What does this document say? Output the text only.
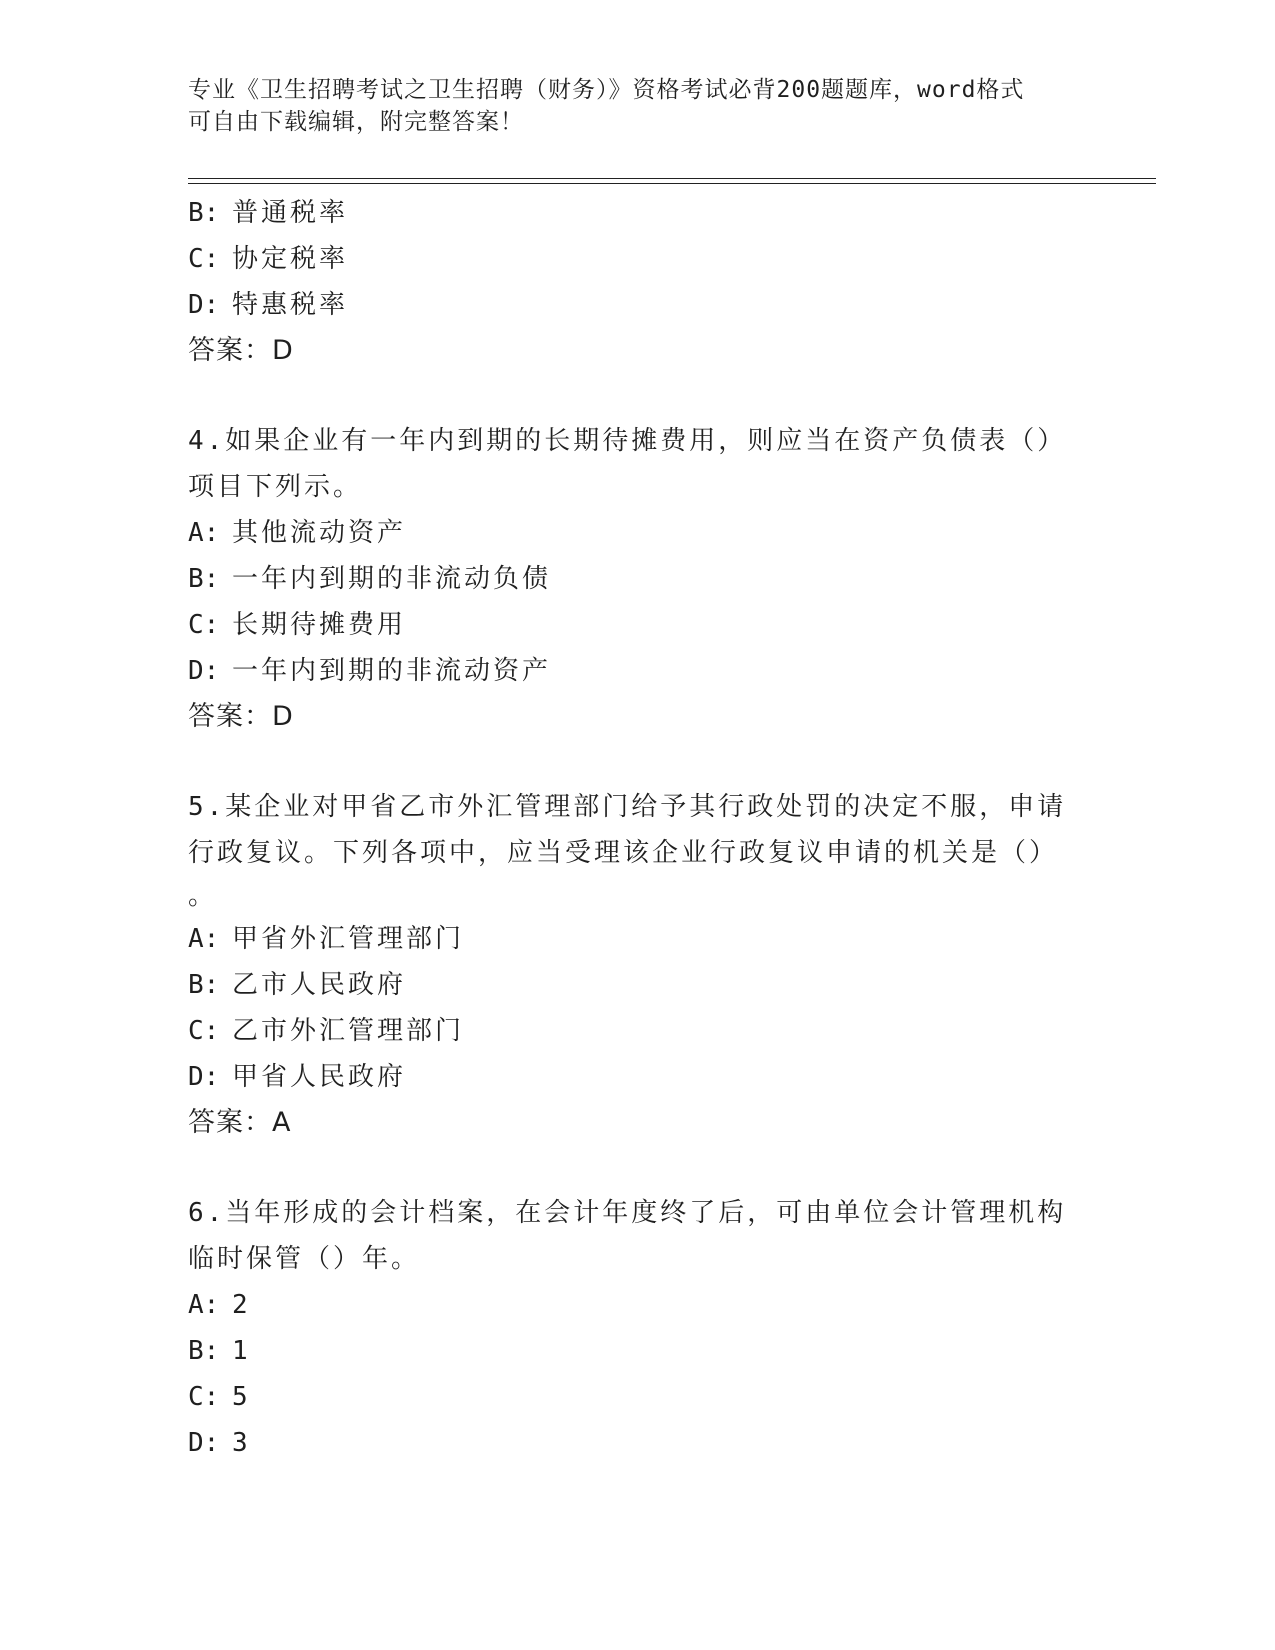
专业《卫生招聘考试之卫生招聘（财务）》资格考试必背200题题库，word格式
可自由下载编辑，附完整答案！
B: 普通税率
C: 协定税率
D: 特惠税率
答案：D
4.如果企业有一年内到期的长期待摊费用，则应当在资产负债表（）
项目下列示。
A: 其他流动资产
B: 一年内到期的非流动负债
C: 长期待摊费用
D: 一年内到期的非流动资产
答案：D
5.某企业对甲省乙市外汇管理部门给予其行政处罚的决定不服，申请
行政复议。下列各项中，应当受理该企业行政复议申请的机关是（）
。
A: 甲省外汇管理部门
B: 乙市人民政府
C: 乙市外汇管理部门
D: 甲省人民政府
答案：A
6.当年形成的会计档案，在会计年度终了后，可由单位会计管理机构
临时保管（）年。
A: 2
B: 1
C: 5
D: 3
